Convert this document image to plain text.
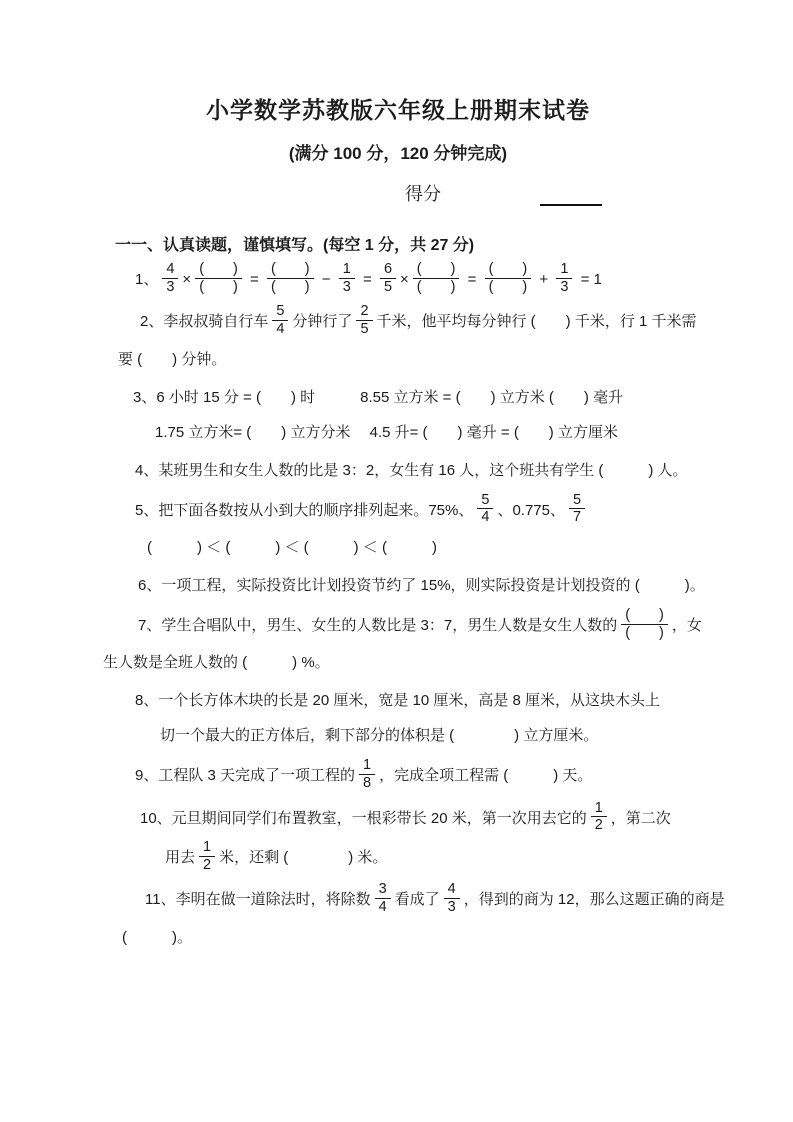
小学数学苏教版六年级上册期末试卷
(满分 100 分，120 分钟完成)
得分
一一、认真读题，谨慎填写。(每空 1 分，共 27 分)
1、 $\frac{4}{3} \times \frac{( )}{( )} = \frac{( )}{( )} - \frac{1}{3} = \frac{6}{5} \times \frac{( )}{( )} = \frac{( )}{( )} + \frac{1}{3} = 1$
2、李叔叔骑自行车 $\frac{5}{4}$ 分钟行了 $\frac{2}{5}$ 千米，他平均每分钟行 (　　) 千米，行 1 千米需
要 (　　) 分钟。
3、6 小时 15 分 = (　　) 时　　　8.55 立方米 = (　　) 立方米 (　　) 毫升
1.75 立方米= (　　) 立方分米　 4.5 升= (　　) 毫升 = (　　) 立方厘米
4、某班男生和女生人数的比是 3：2，女生有 16 人，这个班共有学生 (　　　) 人。
5、把下面各数按从小到大的顺序排列起来。75%、 $\frac{5}{4}$ 、0.775、 $\frac{5}{7}$
(　　　) ＜ (　　　) ＜ (　　　) ＜ (　　　)
6、一项工程，实际投资比计划投资节约了 15%，则实际投资是计划投资的 (　　　)。
7、学生合唱队中，男生、女生的人数比是 3：7，男生人数是女生人数的 $\frac{( )}{( )}$ ，女
生人数是全班人数的 (　　　) %。
8、一个长方体木块的长是 20 厘米，宽是 10 厘米，高是 8 厘米，从这块木头上
切一个最大的正方体后，剩下部分的体积是 (　　　　) 立方厘米。
9、工程队 3 天完成了一项工程的 $\frac{1}{8}$ ，完成全项工程需 (　　　) 天。
10、元旦期间同学们布置教室，一根彩带长 20 米，第一次用去它的 $\frac{1}{2}$ ，第二次
用去 $\frac{1}{2}$ 米，还剩 (　　　　) 米。
11、李明在做一道除法时，将除数 $\frac{3}{4}$ 看成了 $\frac{4}{3}$ ，得到的商为 12，那么这题正确的商是
(　　　)。
